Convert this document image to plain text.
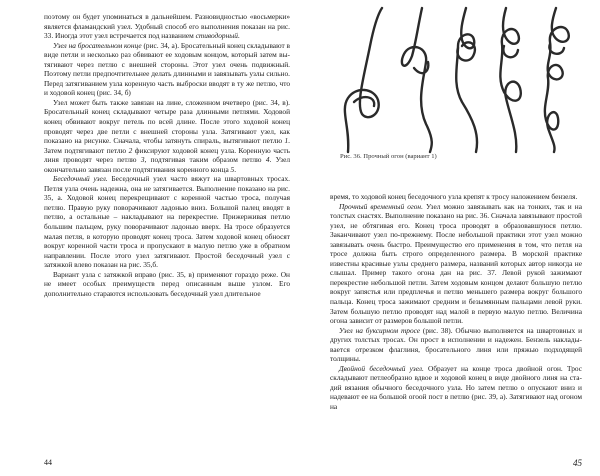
поэтому он будет упоминаться в дальнейшем. Разновидностью «восьмерки» является фламандский узел. Удобный способ его выполнения показан на рис. 33. Иногда этот узел встречается под названием стиводорный.

Узел на бросательном конце (рис. 34, а). Бросательный конец складывают в виде петли и несколько раз обвивают ее ходовым концом, который затем вытягивают через петлю с внешней стороны. Этот узел очень подвижный. Поэтому петли предпочтительнее делать длинными и завязывать узлы сильно. Перед затягиванием узла коренную часть выброски вводят в ту же петлю, что и ходовой конец (рис. 34, б)

Узел может быть также завязан на лине, сложенном вчетверо (рис. 34, в). Бросательный конец складывают четыре раза длинными петлями. Ходовой конец обвивают вокруг петель по всей длине. После этого ходовой конец проводят через две петли с внешней стороны узла. Затягивают узел, как показано на рисунке. Сначала, чтобы затянуть спираль, вытягивают петлю 1. Затем подтягивают петлю 2 фиксируют ходовой конец узла. Коренную часть линя проводят через петлю 3, подтягивая таким образом петлю 4. Узел окончательно завязан после подтягивания коренного конца 5.

Беседочный узел. Беседочный узел часто вяжут на швартовных тросах. Петля узла очень надежна, она не затягивается. Выполнение показано на рис. 35, а. Ходовой конец перекрещивают с коренной частью троса, получая петлю. Правую руку поворачивают ладонью вниз. Большой палец вводят в петлю, а остальные – накладывают на перекрестие. Прижерживая петлю большим пальцем, руку поворачивают ладонью вверх. На тросе образуется малая петля, в которую проводят конец троса. Затем ходовой конец обносят вокруг коренной части троса и пропускают в малую петлю уже в обратном направлении. После этого узел затягивают. Простой беседочный узел с затяжкой влево показан на рис. 35,б.

Вариант узла с затяжкой вправо (рис. 35, в) применяют гораздо реже. Он не имеет особых преимуществ перед описанным выше узлом. Его дополнительно стараются использовать беседочный узел длительное

44
Рис. 36. Прочный огон (вариант 1)

время, то ходовой конец беседочного узла крепят к тросу наложением бензеля.

Прочный временный огон. Узел можно завязывать как на тонких, так и на толстых снастях. Выполнение показано на рис. 36. Сначала завязывают простой узел, не обтягивая его. Конец троса проводят в образовавшуюся петлю. Заканчивают узел по-прежнему. После небольшой практики этот узел можно завязывать очень быстро. Преимущество его применения в том, что петля на тросе должна быть строго определенного размера. В морской практике известны красивые узлы среднего размера, названий которых автор никогда не слышал. Пример такого огона дан на рис. 37. Левой рукой зажимают перекрестие небольшой петли. Затем ходовым концом делают большую петлю вокруг запястья или предплечья и петлю меньшего размера вокруг большого пальца. Конец троса зажимают средним и безымянным пальцами левой руки. Затем большую петлю проводят над малой в первую малую петлю. Величина огона зависит от размеров большой петли.

Узел на буксирном тросе (рис. 38). Обычно выполняется на швартовных и других толстых тросах. Он прост в исполнении и надежен. Бензель накладывается отрезком флаглиня, бросательного линя или пряжью подходящей толщины.

Двойной беседочный узел. Образует на конце троса двойной огон. Трос складывают петлеобразно вдвое и ходовой конец в виде двойного линя на стадий вязания обычного беседочного узла. Но затем петлю о опускают вниз и надевают ее на большой огоой пост в петлю (рис. 39, а). Затягивают над огоном на

45
